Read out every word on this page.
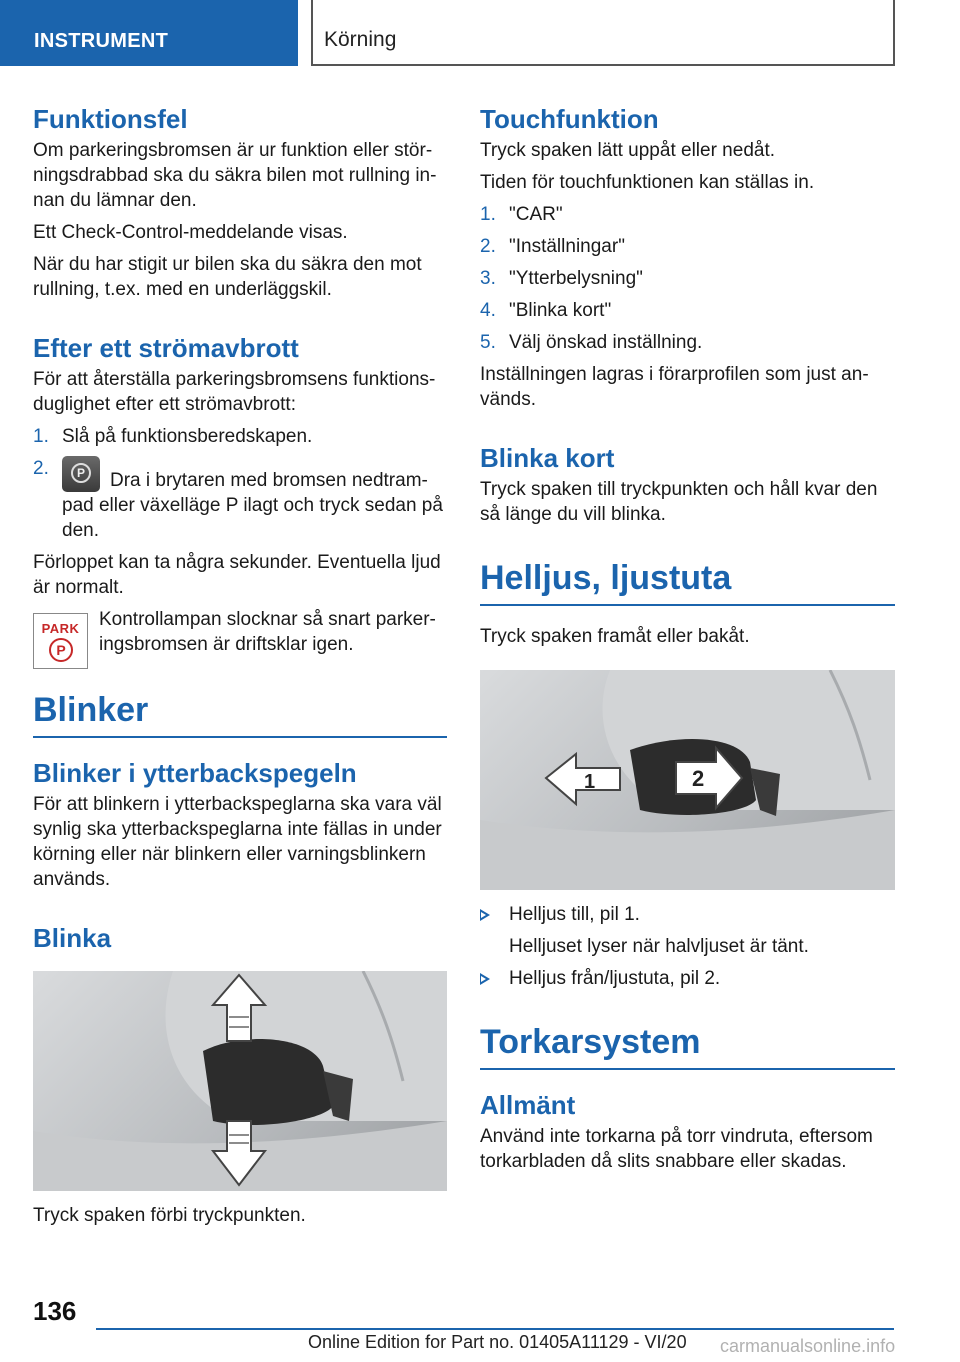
INSTRUMENT	Körning
Funktionsfel

Om parkeringsbromsen är ur funktion eller störningsdrabbad ska du säkra bilen mot rullning innan du lämnar den.

Ett Check-Control-meddelande visas.

När du har stigit ur bilen ska du säkra den mot rullning, t.ex. med en underläggskil.

Efter ett strömavbrott

För att återställa parkeringsbromsens funktionsduglighet efter ett strömavbrott:

1. Slå på funktionsberedskapen.
2.	P	Dra i brytaren med bromsen nedtrampad eller växelläge P ilagt och tryck sedan på den.

Förloppet kan ta några sekunder. Eventuella ljud är normalt.

PARK
P

Kontrollampan slocknar så snart parkeringsbromsen är driftsklar igen.

Blinker
Blinker i ytterbackspegeln

För att blinkern i ytterbackspeglarna ska vara väl synlig ska ytterbackspeglarna inte fällas in under körning eller när blinkern eller varningsblinkern används.

Blinka

Tryck spaken förbi tryckpunkten.

Touchfunktion

Tryck spaken lätt uppåt eller nedåt.

Tiden för touchfunktionen kan ställas in.

1. "CAR"
2. "Inställningar"
3. "Ytterbelysning"
4. "Blinka kort"
5. Välj önskad inställning.

Inställningen lagras i förarprofilen som just används.

Blinka kort

Tryck spaken till tryckpunkten och håll kvar den så länge du vill blinka.

Helljus, ljustuta

Tryck spaken framåt eller bakåt.

1	2
Helljus till, pil 1.
Helljuset lyser när halvljuset är tänt.
Helljus från/ljustuta, pil 2.
Torkarsystem
Allmänt

Använd inte torkarna på torr vindruta, eftersom torkarbladen då slits snabbare eller skadas.

136
Online Edition for Part no. 01405A11129 - VI/20 carmanualsonline.info
